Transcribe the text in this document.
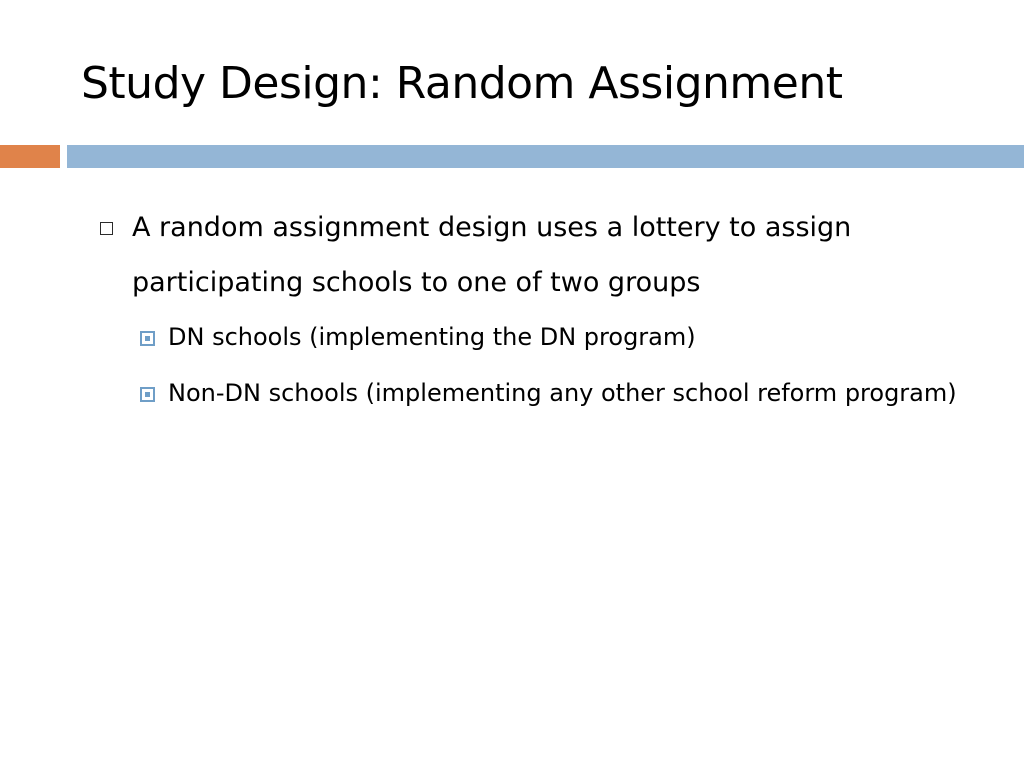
Study Design: Random Assignment
A random assignment design uses a lottery to assign participating schools to one of two groups
DN schools (implementing the DN program)
Non-DN schools (implementing any other school reform program)
